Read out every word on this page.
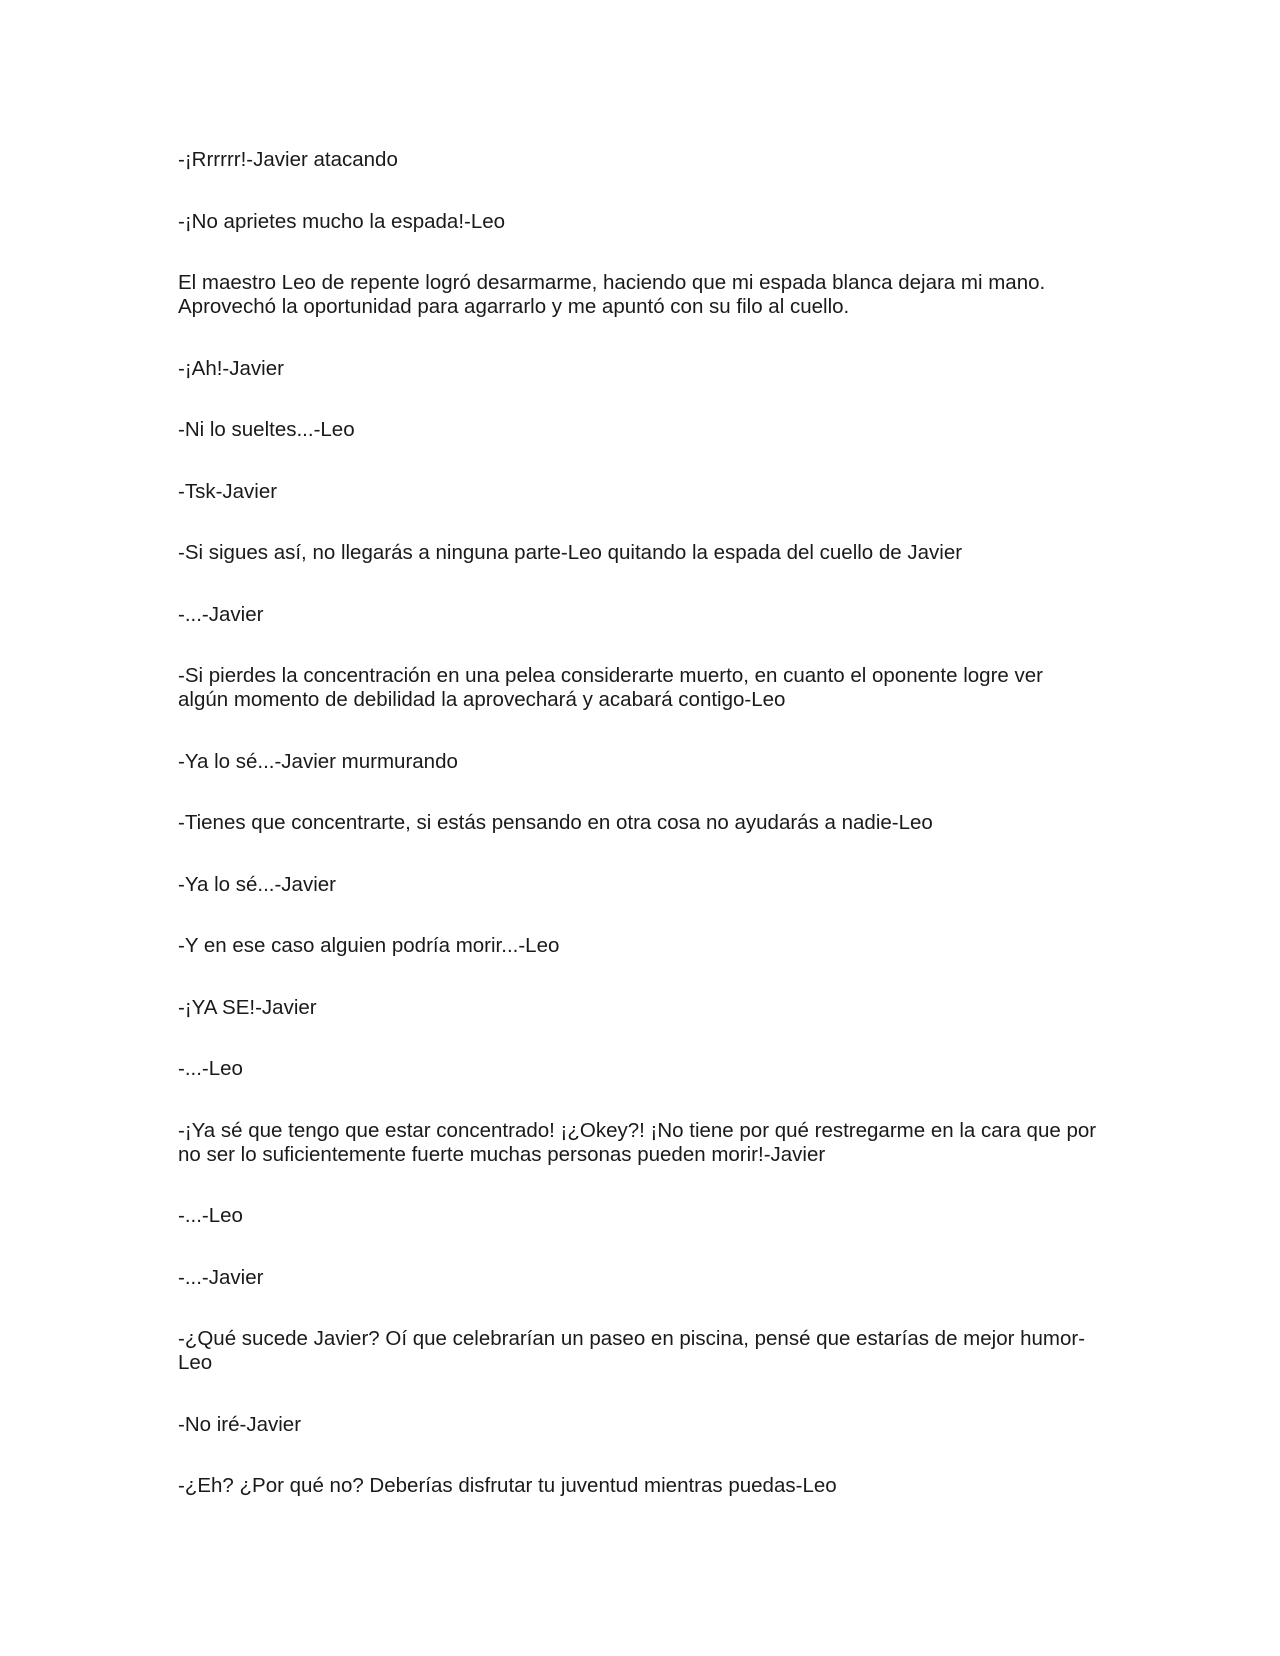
-¡Rrrrrr!-Javier atacando

-¡No aprietes mucho la espada!-Leo

El maestro Leo de repente logró desarmarme, haciendo que mi espada blanca dejara mi mano. Aprovechó la oportunidad para agarrarlo y me apuntó con su filo al cuello.

-¡Ah!-Javier

-Ni lo sueltes...-Leo

-Tsk-Javier

-Si sigues así, no llegarás a ninguna parte-Leo quitando la espada del cuello de Javier

-...-Javier

-Si pierdes la concentración en una pelea considerarte muerto, en cuanto el oponente logre ver algún momento de debilidad la aprovechará y acabará contigo-Leo

-Ya lo sé...-Javier murmurando

-Tienes que concentrarte, si estás pensando en otra cosa no ayudarás a nadie-Leo

-Ya lo sé...-Javier

-Y en ese caso alguien podría morir...-Leo

-¡YA SE!-Javier

-...-Leo

-¡Ya sé que tengo que estar concentrado! ¡¿Okey?! ¡No tiene por qué restregarme en la cara que por no ser lo suficientemente fuerte muchas personas pueden morir!-Javier

-...-Leo

-...-Javier

-¿Qué sucede Javier? Oí que celebrarían un paseo en piscina, pensé que estarías de mejor humor-Leo

-No iré-Javier

-¿Eh? ¿Por qué no? Deberías disfrutar tu juventud mientras puedas-Leo
